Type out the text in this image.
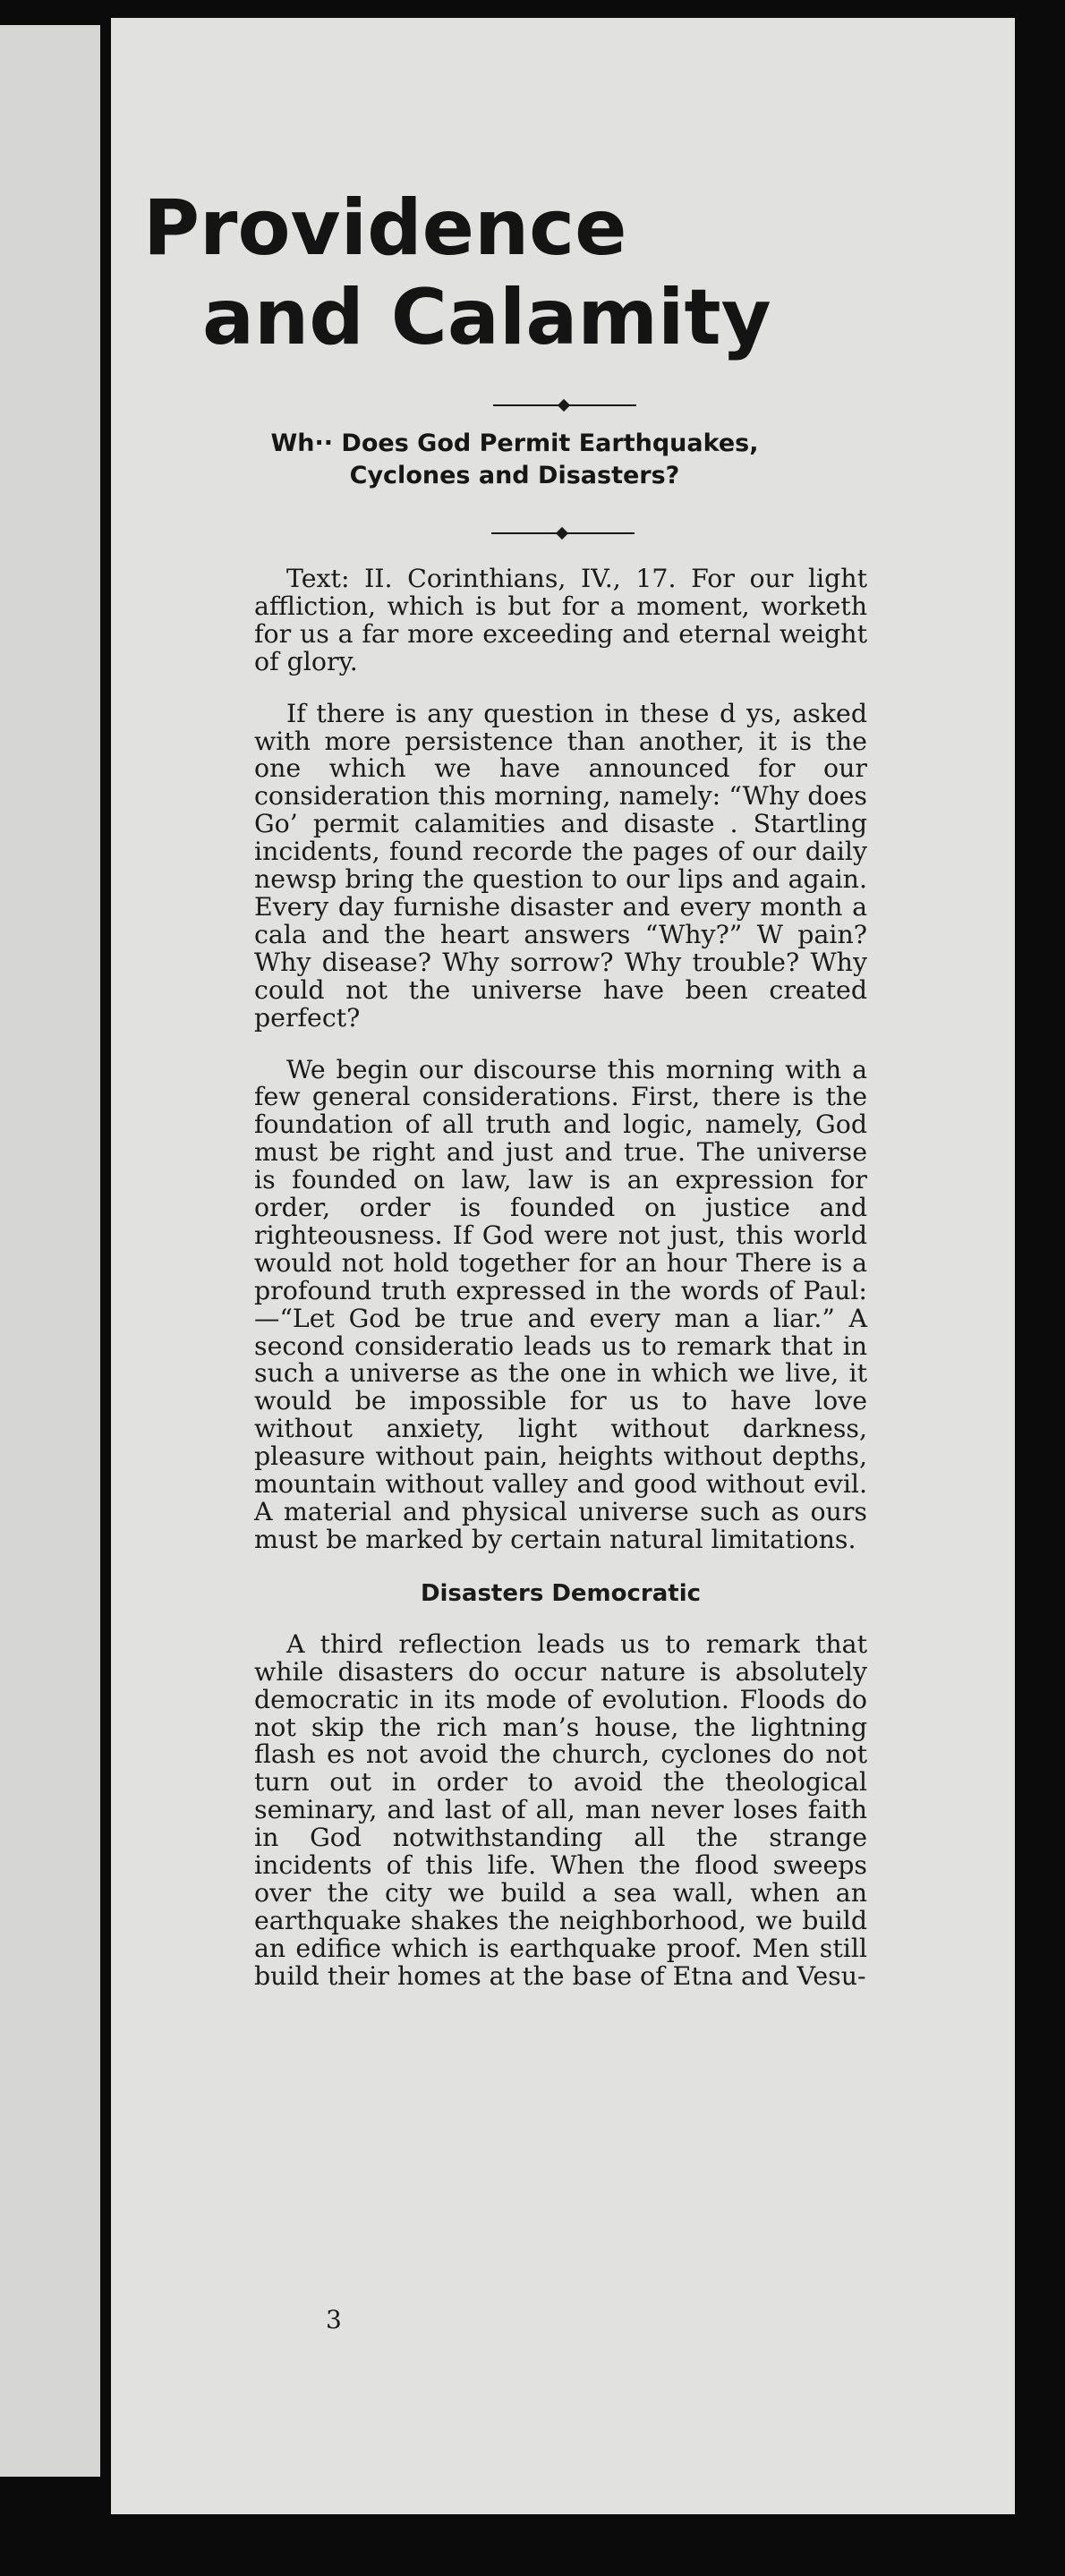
Providence
and Calamity
Wh·· Does God Permit Earthquakes,
Cyclones and Disasters?

Text: II. Corinthians, IV., 17. For our light affliction, which is but for a moment, worketh for us a far more exceeding and eternal weight of glory.

If there is any question in these d ys, asked with more persistence than another, it is the one which we have announced for our consideration this morning, namely: “Why does Go’ permit calamities and disaste . Startling incidents, found recorde the pages of our daily newsp bring the question to our lips and again. Every day furnishe disaster and every month a cala and the heart answers “Why?” W pain? Why disease? Why sorrow? Why trouble? Why could not the universe have been created perfect?

We begin our discourse this morning with a few general considerations. First, there is the foundation of all truth and logic, namely, God must be right and just and true. The universe is founded on law, law is an expression for order, order is founded on justice and righteousness. If God were not just, this world would not hold together for an hour There is a profound truth expressed in the words of Paul:—“Let God be true and every man a liar.” A second consideratio leads us to remark that in such a universe as the one in which we live, it would be impossible for us to have love without anxiety, light without darkness, pleasure without pain, heights without depths, mountain without valley and good without evil. A material and physical universe such as ours must be marked by certain natural limitations.

Disasters Democratic

A third reflection leads us to remark that while disasters do occur nature is absolutely democratic in its mode of evolution. Floods do not skip the rich man’s house, the lightning flash es not avoid the church, cyclones do not turn out in order to avoid the theological seminary, and last of all, man never loses faith in God notwithstanding all the strange incidents of this life. When the flood sweeps over the city we build a sea wall, when an earthquake shakes the neighborhood, we build an edifice which is earthquake proof. Men still build their homes at the base of Etna and Vesu-

3
